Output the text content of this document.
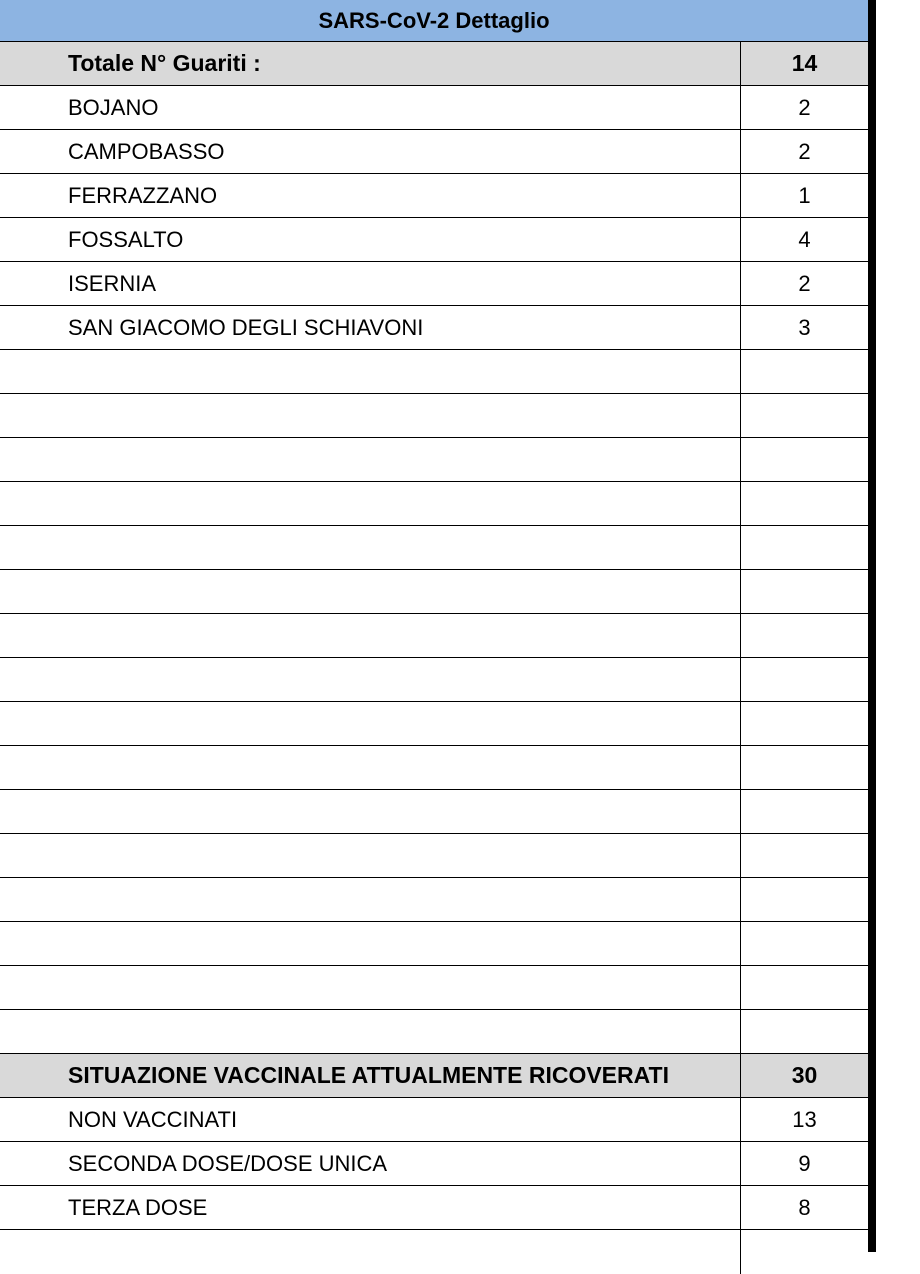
SARS-CoV-2 Dettaglio
Totale N° Guariti :	14
BOJANO	2
CAMPOBASSO	2
FERRAZZANO	1
FOSSALTO	4
ISERNIA	2
SAN GIACOMO DEGLI SCHIAVONI	3
SITUAZIONE VACCINALE ATTUALMENTE RICOVERATI	30
NON VACCINATI	13
SECONDA DOSE/DOSE UNICA	9
TERZA DOSE	8
